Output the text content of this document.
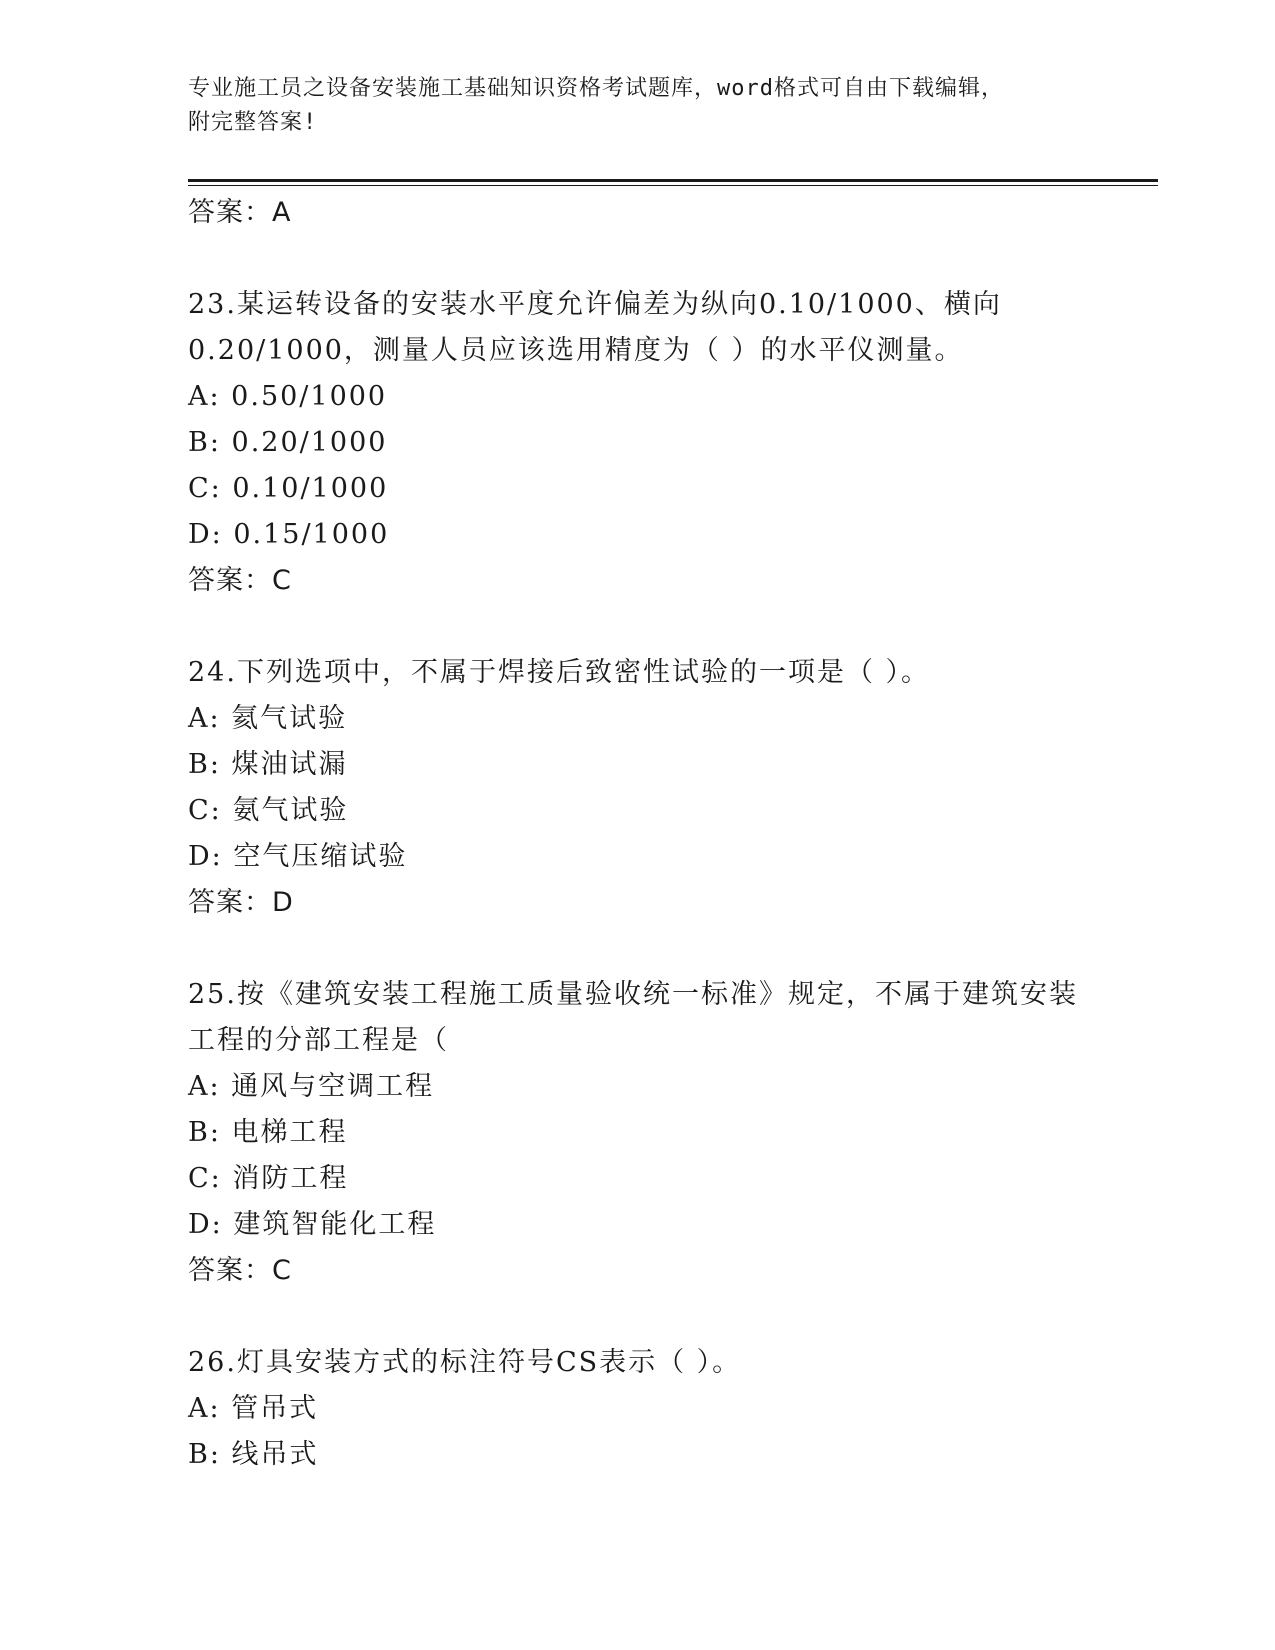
专业施工员之设备安装施工基础知识资格考试题库，word格式可自由下载编辑，
附完整答案!
答案：A
23.某运转设备的安装水平度允许偏差为纵向0.10/1000、横向
0.20/1000，测量人员应该选用精度为（ ）的水平仪测量。
A: 0.50/1000
B: 0.20/1000
C: 0.10/1000
D: 0.15/1000
答案：C
24.下列选项中，不属于焊接后致密性试验的一项是（ ）。
A: 氦气试验
B: 煤油试漏
C: 氨气试验
D: 空气压缩试验
答案：D
25.按《建筑安装工程施工质量验收统一标准》规定，不属于建筑安装
工程的分部工程是（
A: 通风与空调工程
B: 电梯工程
C: 消防工程
D: 建筑智能化工程
答案：C
26.灯具安装方式的标注符号CS表示（ ）。
A: 管吊式
B: 线吊式
